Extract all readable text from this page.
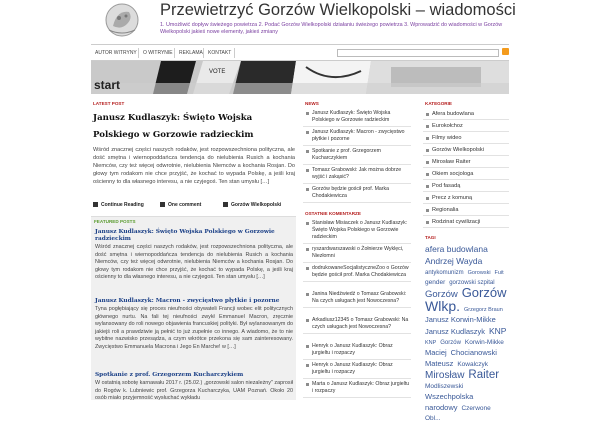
Przewietrzyć Gorzów Wielkopolski – wiadomości
1. Umożliwić dopływ świeżego powietrza 2. Podać Gorzów Wielkopolski działaniu świeżego powietrza 3. Wprowadzić do wiadomości w Gorzów Wielkopolski jakieś nowe elementy, jakieś zmiany
AUTOR WITRYNY	O WITRYNIE	REKLAMA	KONTAKT
VOTE
start
LATEST POST
Janusz Kudlaszyk: Święto Wojska Polskiego w Gorzowie radzieckim
Wśród znacznej części naszych rodaków, jest rozpowszechniona polityczna, ale dość smętna i wiernopoddańcza tendencja do nielubienia Rusich a kochania Niemców, czy też więcej odwrotnie, nielubienia Niemców a kochania Rosjan. Do głowy tym rodakom nie chce przyjść, że kochać to wypada Polskę, a jeśli kraj ościenny to dla własnego interesu, a nie czyjegoś. Ten stan umysłu […]
Continue Reading	One comment	Gorzów Wielkopolski
FEATURED POSTS
Janusz Kudlaszyk: Święto Wojska Polskiego w Gorzowie radzieckim
Wśród znacznej części naszych rodaków, jest rozpowszechniona polityczna, ale dość smętna i wiernopoddańcza tendencja do nielubienia Rusich a kochania Niemców, czy też więcej odwrotnie, nielubienia Niemców a kochania Rosjan. Do głowy tym rodakom nie chce przyjść, że kochać to wypada Polskę, a jeśli kraj ościenny to dla własnego interesu, a nie czyjegoś. Ten stan umysłu […]
Janusz Kudlaszyk: Macron - zwycięstwo płytkie i pozorne
Tyna pogłębiający się proces nieufności obywateli Francji wobec elit politycznych głównego nurtu. Na fali tej nieufności zwykł Emmanuel Macron, zręcznie wylansowany do roli nowego objawienia francuskiej polityki. Był wylansowanym do jakiejś roli a prawdziwie ją pełnić to już zupełnie co innego. A wiadomo, że to nie wybitne nazwisko przesądza, a czym wkrótce przekona się sam zainteresowany. Zwycięstwo Emmanuela Macrona i Jego En Marche! w […]
Spotkanie z prof. Grzegorzem Kucharczykiem
W ostatnią sobotę karnawału 2017 r. (25.02.) „gorzowski salon niezależny" zaprosił do Rogów k. Lubniewic prof. Grzegorza Kucharczyka, UAM Poznań. Około 20 osób miało przyjemność wysłuchać wykładu
NEWS
Janusz Kudlaszyk: Święto Wojska Polskiego w Gorzowie radzieckim
Janusz Kudlaszyk: Macron - zwycięstwo płytkie i pozorne
Spotkanie z prof. Grzegorzem Kucharczykiem
Tomasz Grabowski: Jak można dobrze wyjść i zakąsić?
Gorzów będzie gościł prof. Marka Chodakiewicza
OSTATNIE KOMENTARZE
Stanisław Misiaczek o Janusz Kudlaszyk: Święto Wojska Polskiego w Gorzowie radzieckim
ryszardwarszawski o Żołnierze Wyklęci, Niezłomni
dodrukowaneSocjalistyczneZoo o Gorzów będzie gościł prof. Marka Chodakiewicza
Janina Niedźwiedź o Tomasz Grabowski: Na czych usługach jest Nowoczesna?
Arkadiusz12345 o Tomasz Grabowski: Na czych usługach jest Nowoczesna?
Henryk o Janusz Kudlaszyk: Obraz jurgieltu i rozpaczy
Henryk o Janusz Kudlaszyk: Obraz jurgieltu i rozpaczy
Marta o Janusz Kudlaszyk: Obraz jurgieltu i rozpaczy
KATEGORIE
Afera budowlana
Eurokołchoz
Filmy wideo
Gorzów Wielkopolski
Mirosław Raiter
Okiem socjologa
Pod fasadą
Precz z komuną
Regionalia
Rodzinat cywilizacji
TAGI
afera budowlana Andrzej Wayda antykomunizm Gorowski Fuit gender gorzowski szpital Gorzów Gorzów Wlkp. Grzegorz Braun Janusz Korwin-Mikke Janusz Kudlaszyk KNP KNP Gorzów Korwin-Mikke Maciej Chocianowski Mateusz Kowalczyk Mirosław Raiter Modliszewski Wszechpolska narodowy Czerwone Obl...
